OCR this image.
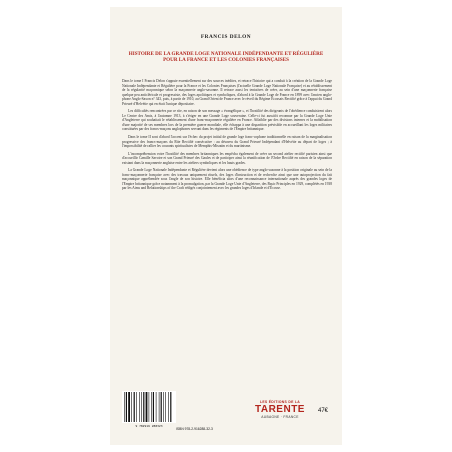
FRANCIS DELON
HISTOIRE DE LA GRANDE LOGE NATIONALE INDÉPENDANTE ET RÉGULIÈRE POUR LA FRANCE ET LES COLONIES FRANÇAISES

Dans le tome I Francis Delon s'appuie essentiellement sur des sources inédites, et retrace l'histoire qui a conduit à la création de la Grande Loge Nationale Indépendante et Régulière pour la France et les Colonies Françaises (l'actuelle Grande Loge Nationale Française) et au rétablissement de la régularité maçonnique selon la maçonnerie anglo-saxonne. Il retrace aussi les tentatives de créer, au sein d'une maçonnerie française quelque peu anticléricale et progressiste, des loges apolitiques et symboliques, d'abord à la Grande Loge de France en 1899 avec l'ancien anglo-phone Anglo-Saxon n° 343, puis, à partir de 1910, au Grand Orient de France avec le réveil du Régime Écossais Rectifié grâce à l'appui du Grand Prieuré d'Helvétie qui en était l'unique dépositaire.

Les difficultés rencontrées par ce rite, en raison de son message « évangélique », et l'hostilité des dirigeants de l'obédience conduisirent alors Le Centre des Amis, à l'automne 1913, à s'ériger en une Grande Loge souveraine. Celle-ci fut aussitôt reconnue par la Grande Loge Unie d'Angleterre qui souhaitait le rétablissement d'une franc-maçonnerie régulière en France. Affaiblie par des divisions internes et la mobilisation d'une majorité de ses membres lors de la première guerre mondiale, elle échappa à une disparition prévisible en accueillant les loges militaires constituées par des francs-maçons anglophones servant dans les régiments de l'Empire britannique.

Dans le tome II sont d'abord l'accent sur l'échec du projet initial de grande loge franc-cophone traditionnelle en raison de la marginalisation progressive des francs-maçons du Rite Rectifié consécutive : au désaveu du Grand Prieuré Indépendant d'Helvétie au départ de loges ; à l'impossibilité de rallier les courants spiritualistes de Memphis-Misraïm et du martinisme.

L'incompréhension voire l'hostilité des membres britanniques les empêcha également de créer un second atelier rectifié parisien ainsi que d'accueillir Camille Savoire et son Grand Prieuré des Gaules et de participer ainsi la réunification de l'Ordre Rectifié en raison de la séparation existant dans la maçonnerie anglaise entre les ateliers symboliques et les hauts grades.

La Grande Loge Nationale Indépendante et Régulière devient alors une obédience de type anglo-saxonne à la position originale au sein de la franc-maçonnerie française avec des travaux uniquement rituels, des loges d'instruction et de recherche ainsi que une autoprojection du fait maçonnique appréhendée sous l'angle de son histoire. Elle bénéficia alors d'une reconnaissance internationale auprès des grandes loges de l'Empire britannique grâce notamment à la promulgation, par la Grande Loge Unie d'Angleterre, des Basic Principles en 1929, complétés en 1938 par les Aims and Relationships of the Craft rédigés conjointement avec les grandes loges d'Irlande et d'Écosse.

9 782916 288323
ISBN 978-2-916288-32-3
LES ÉDITIONS DE LA
TARENTE
AUBAGNE · FRANCE
47€
